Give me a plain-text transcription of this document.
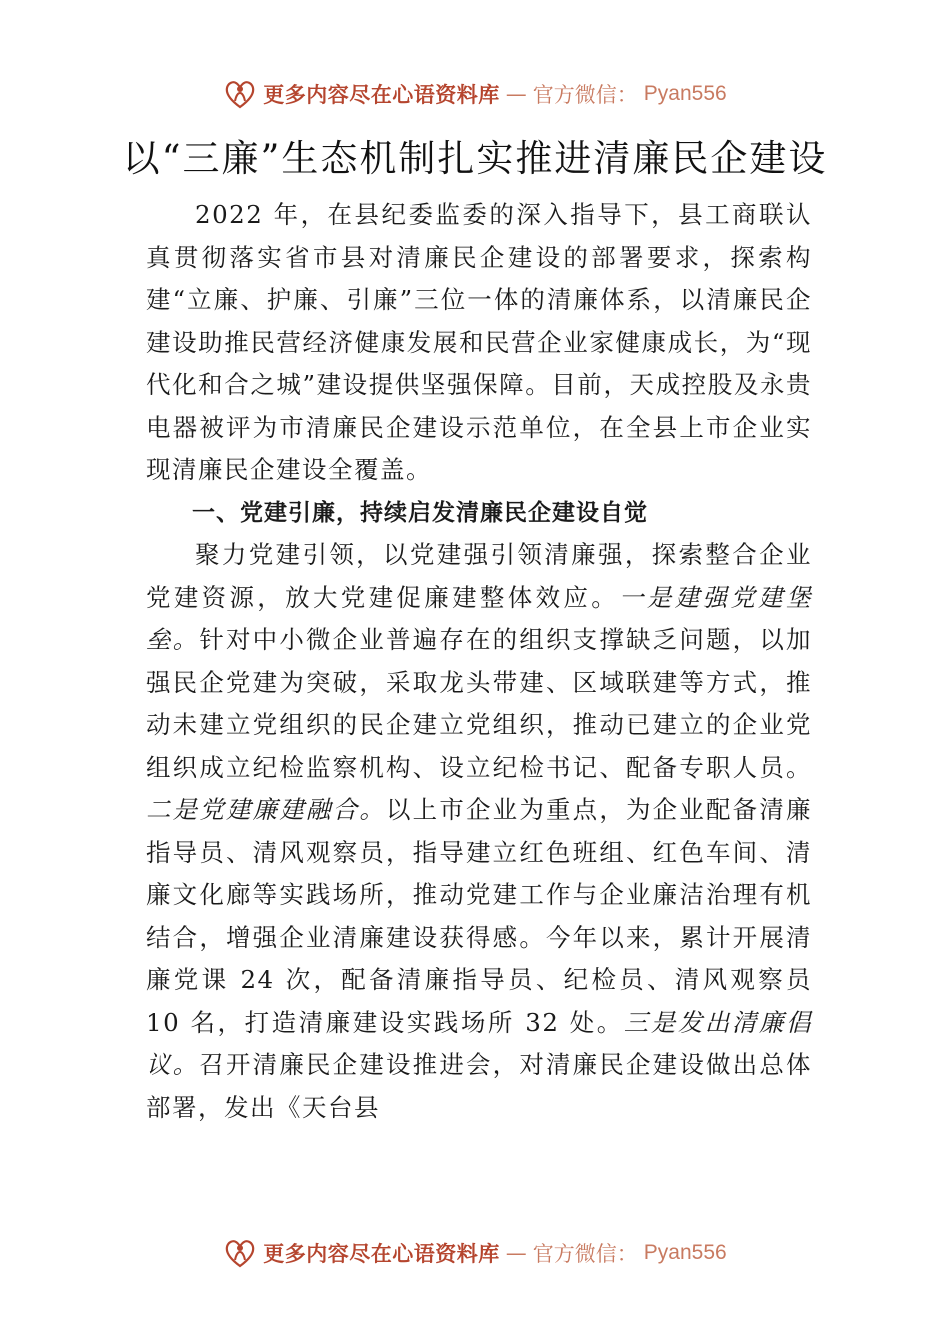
更多内容尽在心语资料库 — 官方微信： Pyan556
以“三廉”生态机制扎实推进清廉民企建设

2022 年，在县纪委监委的深入指导下，县工商联认真贯彻落实省市县对清廉民企建设的部署要求，探索构建“立廉、护廉、引廉”三位一体的清廉体系，以清廉民企建设助推民营经济健康发展和民营企业家健康成长，为“现代化和合之城”建设提供坚强保障。目前，天成控股及永贵电器被评为市清廉民企建设示范单位，在全县上市企业实现清廉民企建设全覆盖。

一、党建引廉，持续启发清廉民企建设自觉

聚力党建引领，以党建强引领清廉强，探索整合企业党建资源，放大党建促廉建整体效应。一是建强党建堡垒。针对中小微企业普遍存在的组织支撑缺乏问题，以加强民企党建为突破，采取龙头带建、区域联建等方式，推动未建立党组织的民企建立党组织，推动已建立的企业党组织成立纪检监察机构、设立纪检书记、配备专职人员。二是党建廉建融合。以上市企业为重点，为企业配备清廉指导员、清风观察员，指导建立红色班组、红色车间、清廉文化廊等实践场所，推动党建工作与企业廉洁治理有机结合，增强企业清廉建设获得感。今年以来，累计开展清廉党课 24 次，配备清廉指导员、纪检员、清风观察员 10 名，打造清廉建设实践场所 32 处。三是发出清廉倡议。召开清廉民企建设推进会，对清廉民企建设做出总体部署，发出《天台县

更多内容尽在心语资料库 — 官方微信： Pyan556
